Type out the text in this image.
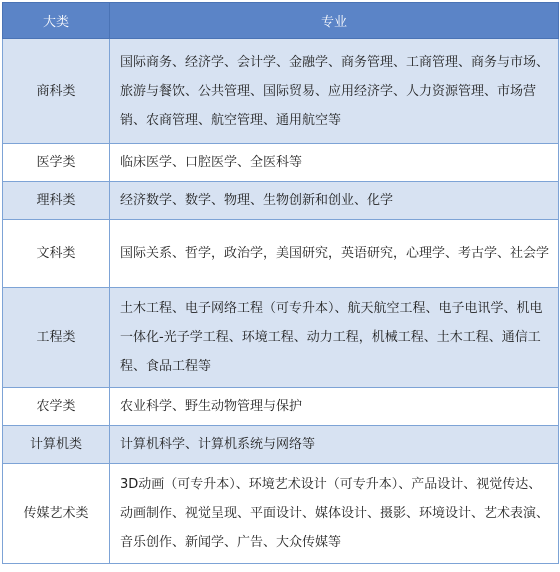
大类	专业
商科类	国际商务、经济学、会计学、金融学、商务管理、工商管理、商务与市场、旅游与餐饮、公共管理、国际贸易、应用经济学、人力资源管理、市场营销、农商管理、航空管理、通用航空等
医学类	临床医学、口腔医学、全医科等
理科类	经济数学、数学、物理、生物创新和创业、化学
文科类	国际关系、哲学，政治学，美国研究，英语研究，心理学、考古学、社会学
工程类	土木工程、电子网络工程（可专升本）、航天航空工程、电子电讯学、机电一体化-光子学工程、环境工程、动力工程，机械工程、土木工程、通信工程、食品工程等
农学类	农业科学、野生动物管理与保护
计算机类	计算机科学、计算机系统与网络等
传媒艺术类	3D动画（可专升本）、环境艺术设计（可专升本）、产品设计、视觉传达、动画制作、视觉呈现、平面设计、媒体设计、摄影、环境设计、艺术表演、音乐创作、新闻学、广告、大众传媒等
